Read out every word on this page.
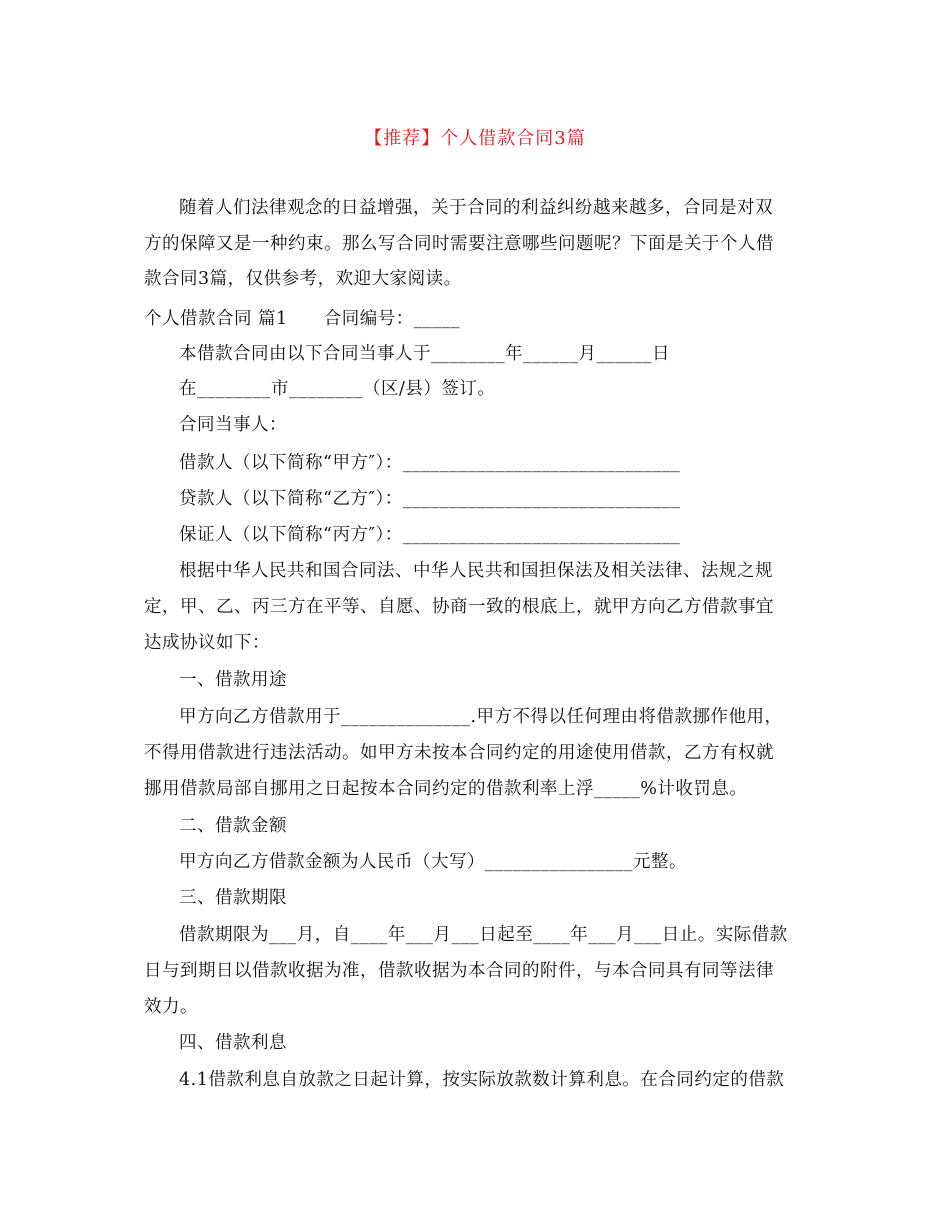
【推荐】个人借款合同3篇
随着人们法律观念的日益增强，关于合同的利益纠纷越来越多，合同是对双
方的保障又是一种约束。那么写合同时需要注意哪些问题呢？下面是关于个人借
款合同3篇，仅供参考，欢迎大家阅读。
个人借款合同 篇1　　合同编号：_____
本借款合同由以下合同当事人于________年______月______日
在________市________（区/县）签订。
合同当事人：
借款人（以下简称“甲方″）：______________________________
贷款人（以下简称“乙方″）：______________________________
保证人（以下简称“丙方″）：______________________________
根据中华人民共和国合同法、中华人民共和国担保法及相关法律、法规之规
定，甲、乙、丙三方在平等、自愿、协商一致的根底上，就甲方向乙方借款事宜
达成协议如下：
一、借款用途
甲方向乙方借款用于______________.甲方不得以任何理由将借款挪作他用，
不得用借款进行违法活动。如甲方未按本合同约定的用途使用借款，乙方有权就
挪用借款局部自挪用之日起按本合同约定的借款利率上浮_____%计收罚息。
二、借款金额
甲方向乙方借款金额为人民币（大写）________________元整。
三、借款期限
借款期限为___月，自____年___月___日起至____年___月___日止。实际借款
日与到期日以借款收据为准，借款收据为本合同的附件，与本合同具有同等法律
效力。
四、借款利息
4.1借款利息自放款之日起计算，按实际放款数计算利息。在合同约定的借款
